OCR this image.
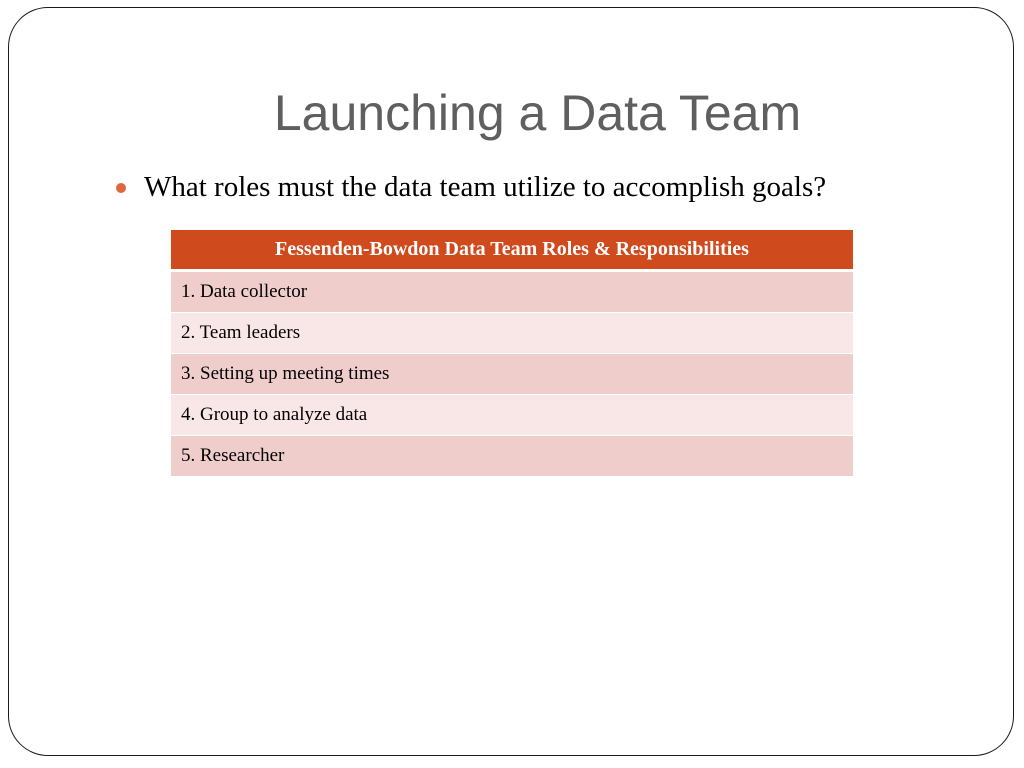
Launching a Data Team
What roles must the data team utilize to accomplish goals?
Fessenden-Bowdon Data Team Roles & Responsibilities
1. Data collector
2. Team leaders
3. Setting up meeting times
4. Group to analyze data
5. Researcher
